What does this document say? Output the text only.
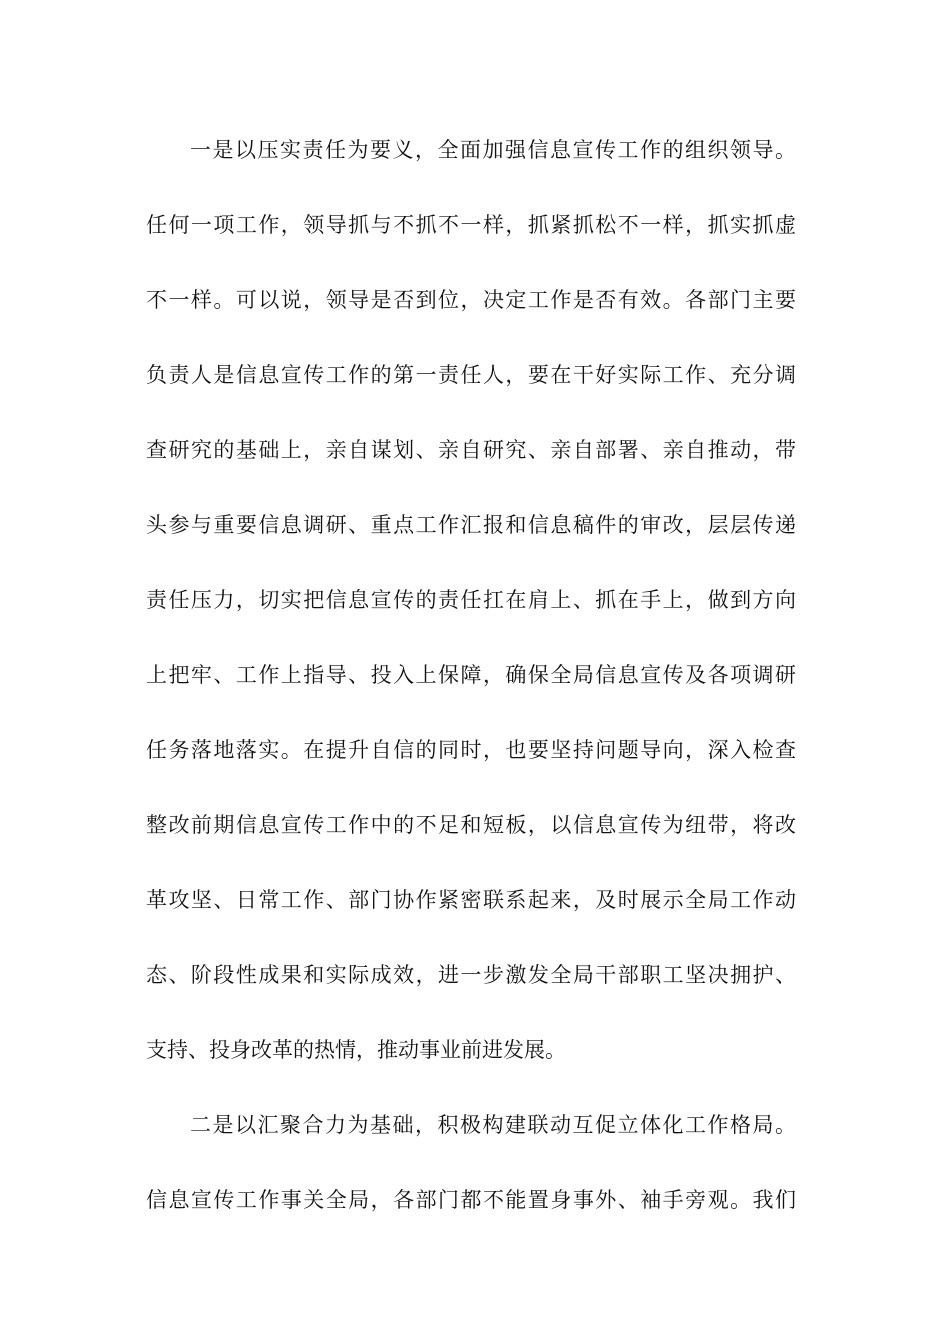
一是以压实责任为要义，全面加强信息宣传工作的组织领导。
任何一项工作，领导抓与不抓不一样，抓紧抓松不一样，抓实抓虚
不一样。可以说，领导是否到位，决定工作是否有效。各部门主要
负责人是信息宣传工作的第一责任人，要在干好实际工作、充分调
查研究的基础上，亲自谋划、亲自研究、亲自部署、亲自推动，带
头参与重要信息调研、重点工作汇报和信息稿件的审改，层层传递
责任压力，切实把信息宣传的责任扛在肩上、抓在手上，做到方向
上把牢、工作上指导、投入上保障，确保全局信息宣传及各项调研
任务落地落实。在提升自信的同时，也要坚持问题导向，深入检查
整改前期信息宣传工作中的不足和短板，以信息宣传为纽带，将改
革攻坚、日常工作、部门协作紧密联系起来，及时展示全局工作动
态、阶段性成果和实际成效，进一步激发全局干部职工坚决拥护、
支持、投身改革的热情，推动事业前进发展。
二是以汇聚合力为基础，积极构建联动互促立体化工作格局。
信息宣传工作事关全局，各部门都不能置身事外、袖手旁观。我们
